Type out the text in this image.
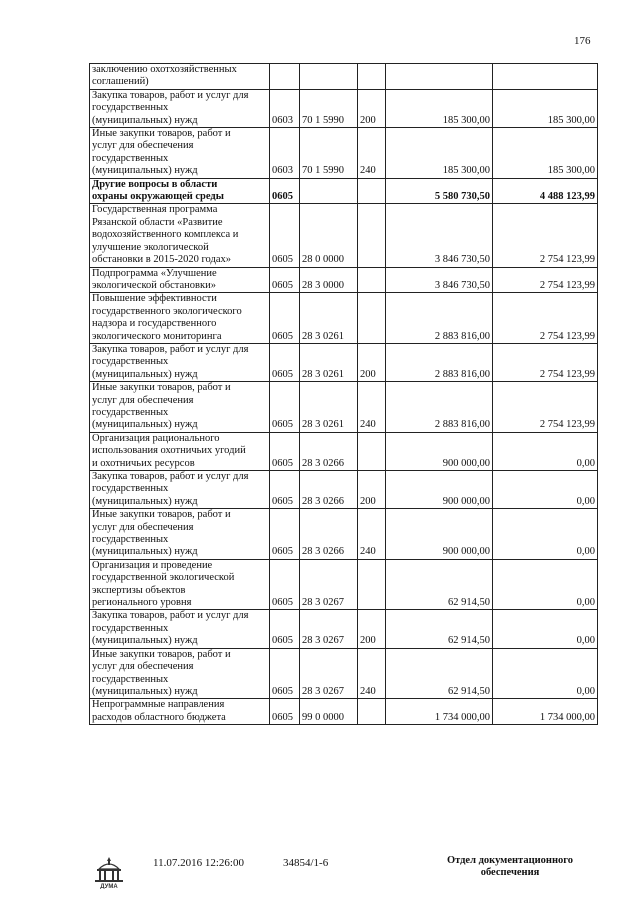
176
заключению охотхозяйственных
соглашений)					

Закупка товаров, работ и услуг для
государственных
(муниципальных) нужд	0603	70 1 5990	200	185 300,00	185 300,00

Иные закупки товаров, работ и
услуг для обеспечения
государственных
(муниципальных) нужд	0603	70 1 5990	240	185 300,00	185 300,00

Другие вопросы в области
охраны окружающей среды	0605			5 580 730,50	4 488 123,99

Государственная программа
Рязанской области «Развитие
водохозяйственного комплекса и
улучшение экологической
обстановки в 2015-2020 годах»	0605	28 0 0000		3 846 730,50	2 754 123,99

Подпрограмма «Улучшение
экологической обстановки»	0605	28 3 0000		3 846 730,50	2 754 123,99

Повышение эффективности
государственного экологического
надзора и государственного
экологического мониторинга	0605	28 3 0261		2 883 816,00	2 754 123,99

Закупка товаров, работ и услуг для
государственных
(муниципальных) нужд	0605	28 3 0261	200	2 883 816,00	2 754 123,99

Иные закупки товаров, работ и
услуг для обеспечения
государственных
(муниципальных) нужд	0605	28 3 0261	240	2 883 816,00	2 754 123,99

Организация рационального
использования охотничьих угодий
и охотничьих ресурсов	0605	28 3 0266		900 000,00	0,00

Закупка товаров, работ и услуг для
государственных
(муниципальных) нужд	0605	28 3 0266	200	900 000,00	0,00

Иные закупки товаров, работ и
услуг для обеспечения
государственных
(муниципальных) нужд	0605	28 3 0266	240	900 000,00	0,00

Организация и проведение
государственной экологической
экспертизы объектов
регионального уровня	0605	28 3 0267		62 914,50	0,00

Закупка товаров, работ и услуг для
государственных
(муниципальных) нужд	0605	28 3 0267	200	62 914,50	0,00

Иные закупки товаров, работ и
услуг для обеспечения
государственных
(муниципальных) нужд	0605	28 3 0267	240	62 914,50	0,00

Непрограммные направления
расходов областного бюджета	0605	99 0 0000		1 734 000,00	1 734 000,00
ДУМА
11.07.2016 12:26:00	34854/1-6	Отдел документационного
обеспечения
